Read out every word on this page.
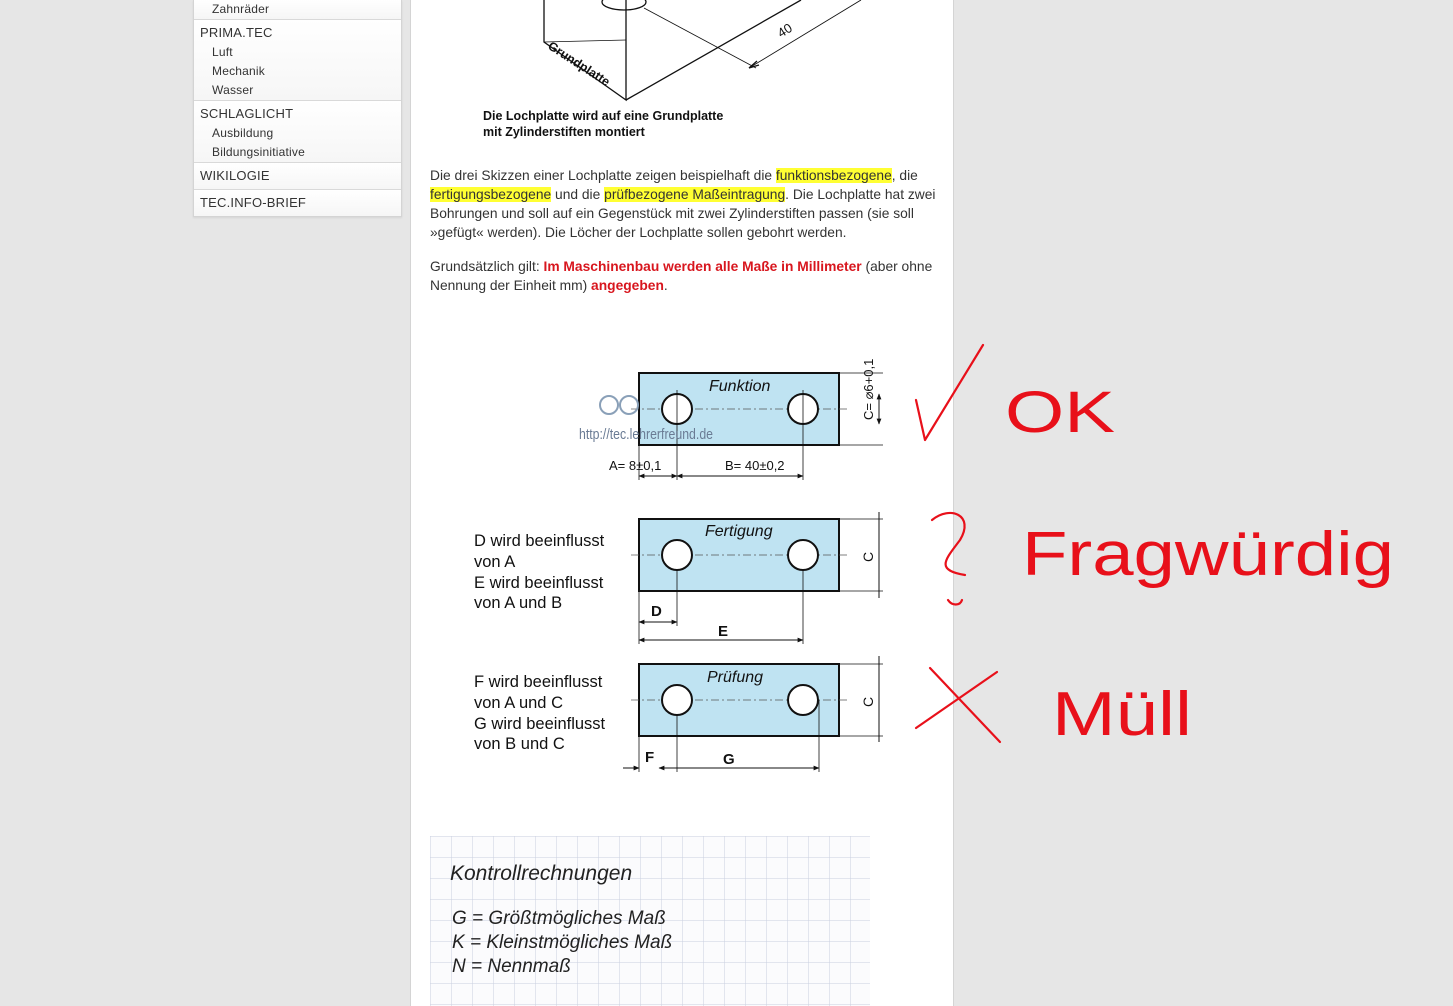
Zahnräder
PRIMA.TEC
Luft
Mechanik
Wasser
SCHLAGLICHT
Ausbildung
Bildungsinitiative
WIKILOGIE
TEC.INFO-BRIEF
40
Grundplatte
Die Lochplatte wird auf eine Grundplatte
mit Zylinderstiften montiert

Die drei Skizzen einer Lochplatte zeigen beispielhaft die funktionsbezogene, die fertigungsbezogene und die prüfbezogene Maßeintragung. Die Lochplatte hat zwei Bohrungen und soll auf ein Gegenstück mit zwei Zylinderstiften passen (sie soll »gefügt« werden). Die Löcher der Lochplatte sollen gebohrt werden.

Grundsätzlich gilt: Im Maschinenbau werden alle Maße in Millimeter (aber ohne Nennung der Einheit mm) angegeben.

Funktion
A= 8±0,1	B= 40±0,2
C= ⌀6+0,1
http://tec.lehrerfreund.de
Fertigung
D
E
C
D wird beeinflusst
von A
E wird beeinflusst
von A und B
Prüfung
F	G
C
F wird beeinflusst
von A und C
G wird beeinflusst
von B und C
Kontrollrechnungen
G = Größtmögliches Maß
K = Kleinstmögliches Maß
N = Nennmaß
OK
Fragwürdig
Müll
